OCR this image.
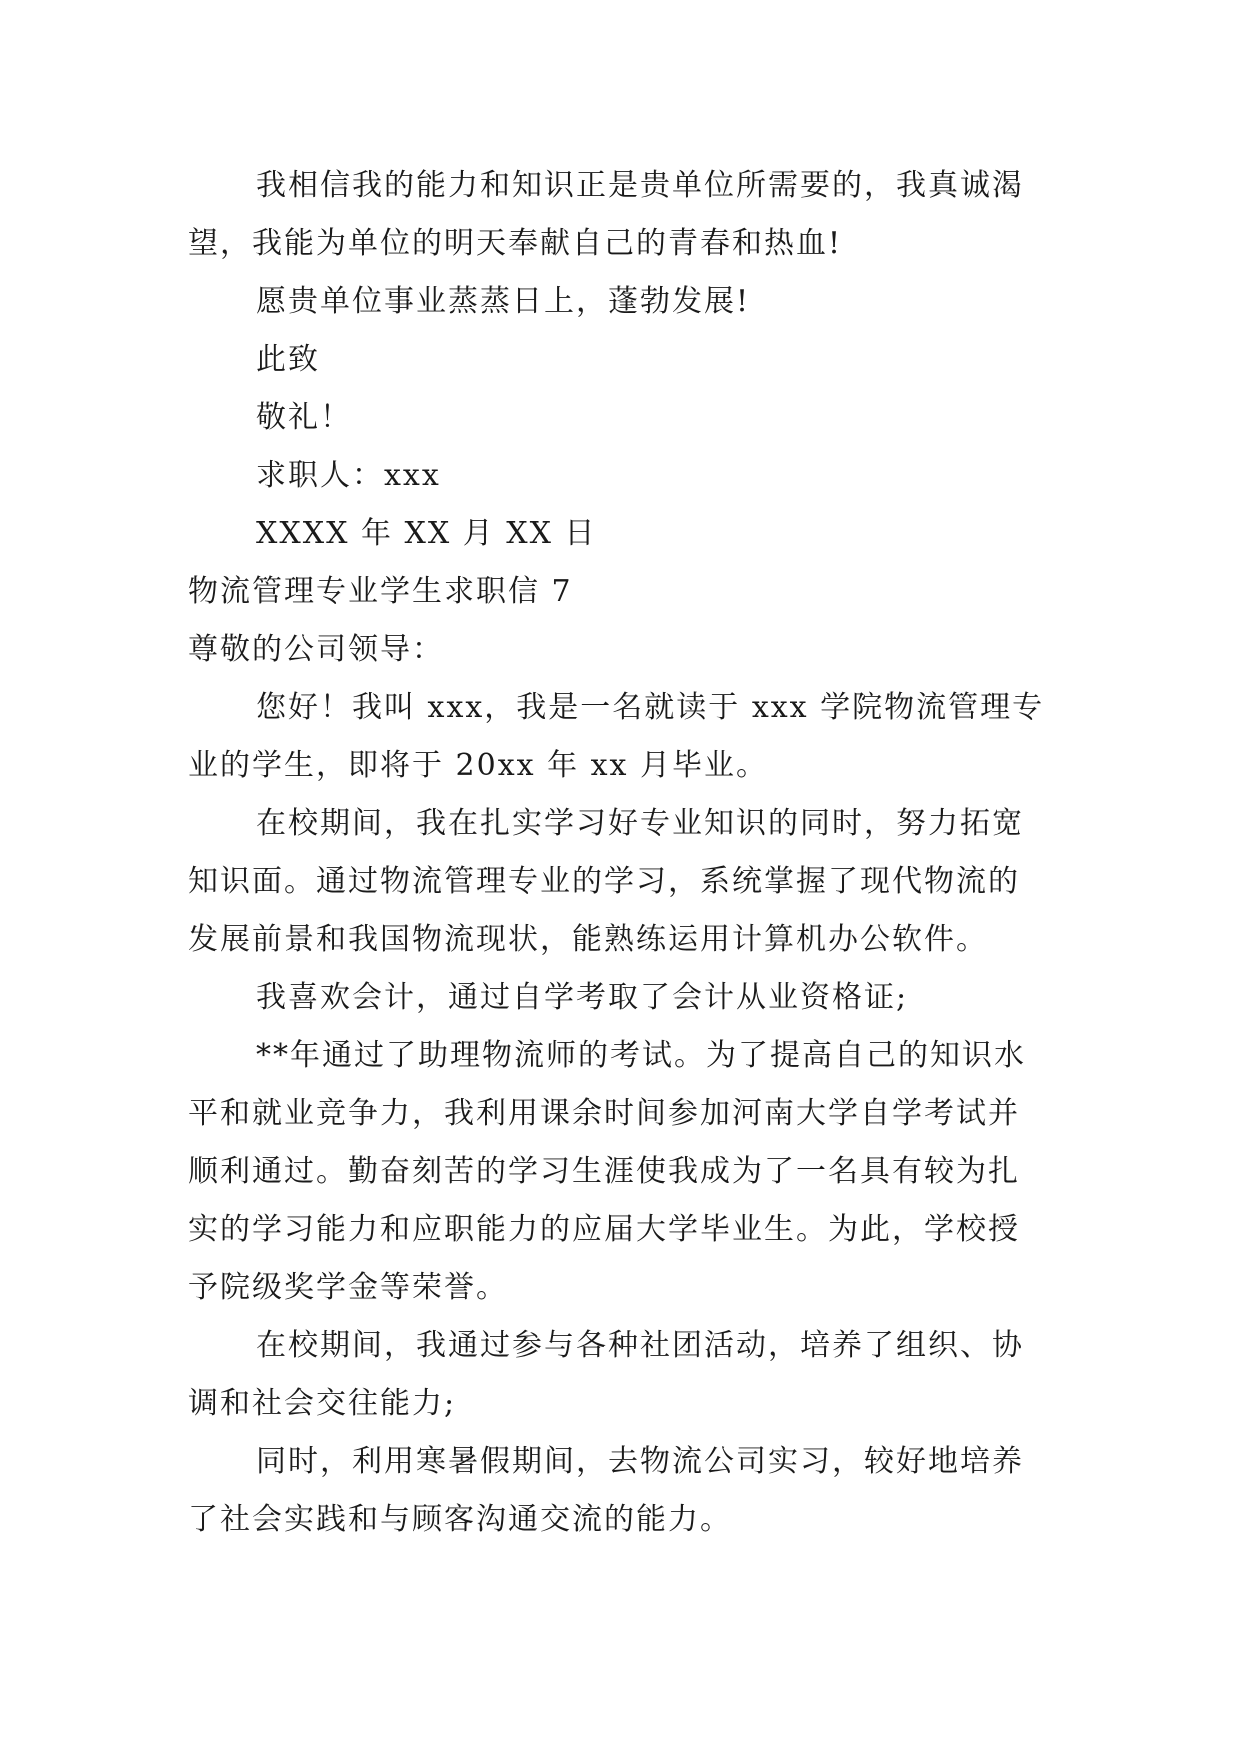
我相信我的能力和知识正是贵单位所需要的，我真诚渴
望，我能为单位的明天奉献自己的青春和热血!
愿贵单位事业蒸蒸日上，蓬勃发展!
此致
敬礼！
求职人：xxx
XXXX 年 XX 月 XX 日
物流管理专业学生求职信 7
尊敬的公司领导：
您好！我叫 xxx，我是一名就读于 xxx 学院物流管理专
业的学生，即将于 20xx 年 xx 月毕业。
在校期间，我在扎实学习好专业知识的同时，努力拓宽
知识面。通过物流管理专业的学习，系统掌握了现代物流的
发展前景和我国物流现状，能熟练运用计算机办公软件。
我喜欢会计，通过自学考取了会计从业资格证;
**年通过了助理物流师的考试。为了提高自己的知识水
平和就业竞争力，我利用课余时间参加河南大学自学考试并
顺利通过。勤奋刻苦的学习生涯使我成为了一名具有较为扎
实的学习能力和应职能力的应届大学毕业生。为此，学校授
予院级奖学金等荣誉。
在校期间，我通过参与各种社团活动，培养了组织、协
调和社会交往能力;
同时，利用寒暑假期间，去物流公司实习，较好地培养
了社会实践和与顾客沟通交流的能力。
